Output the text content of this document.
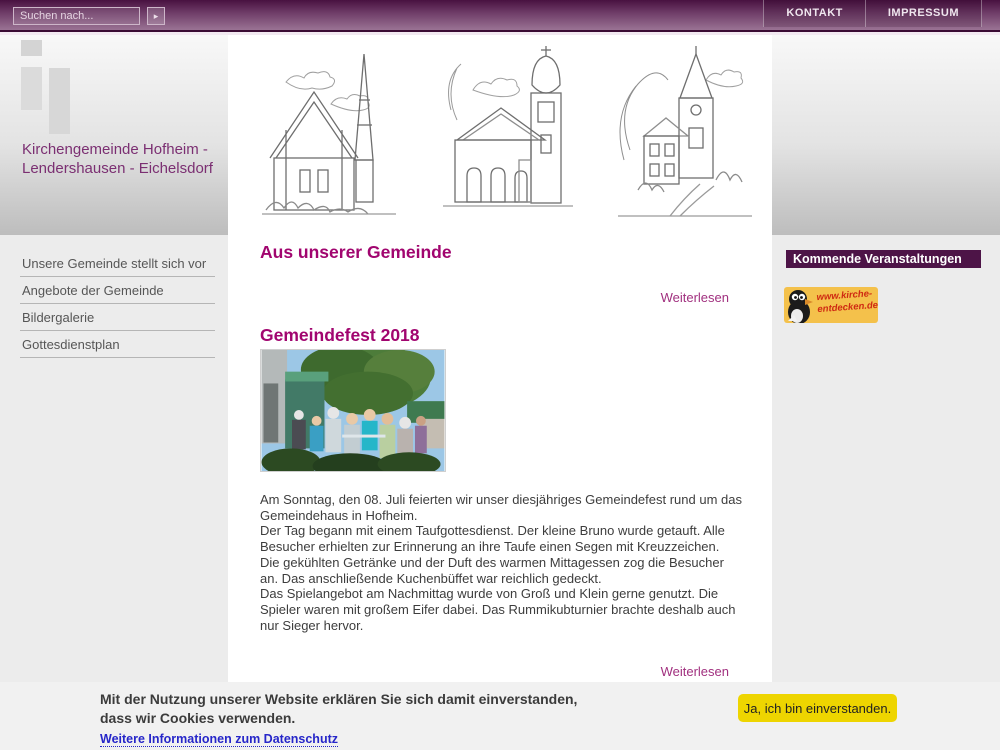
Suchen nach...
▸	KONTAKT	IMPRESSUM
Aus unserer Gemeinde
Weiterlesen
Gemeindefest 2018
Am Sonntag, den 08. Juli feierten wir unser diesjähriges Gemeindefest rund um das Gemeindehaus in Hofheim.
Der Tag begann mit einem Taufgottesdienst. Der kleine Bruno wurde getauft. Alle Besucher erhielten zur Erinnerung an ihre Taufe einen Segen mit Kreuzzeichen.
Die gekühlten Getränke und der Duft des warmen Mittagessen zog die Besucher an. Das anschließende Kuchenbüffet war reichlich gedeckt.
Das Spielangebot am Nachmittag wurde von Groß und Klein gerne genutzt. Die Spieler waren mit großem Eifer dabei. Das Rummikubturnier brachte deshalb auch nur Sieger hervor.
Weiterlesen
Kirchengemeinde Hofheim -
Lendershausen - Eichelsdorf
Unsere Gemeinde stellt sich vor
Angebote der Gemeinde
Bildergalerie
Gottesdienstplan
Kommende Veranstaltungen
www.kirche-
entdecken.de
Mit der Nutzung unserer Website erklären Sie sich damit einverstanden,
dass wir Cookies verwenden.
Weitere Informationen zum Datenschutz
Ja, ich bin einverstanden.
